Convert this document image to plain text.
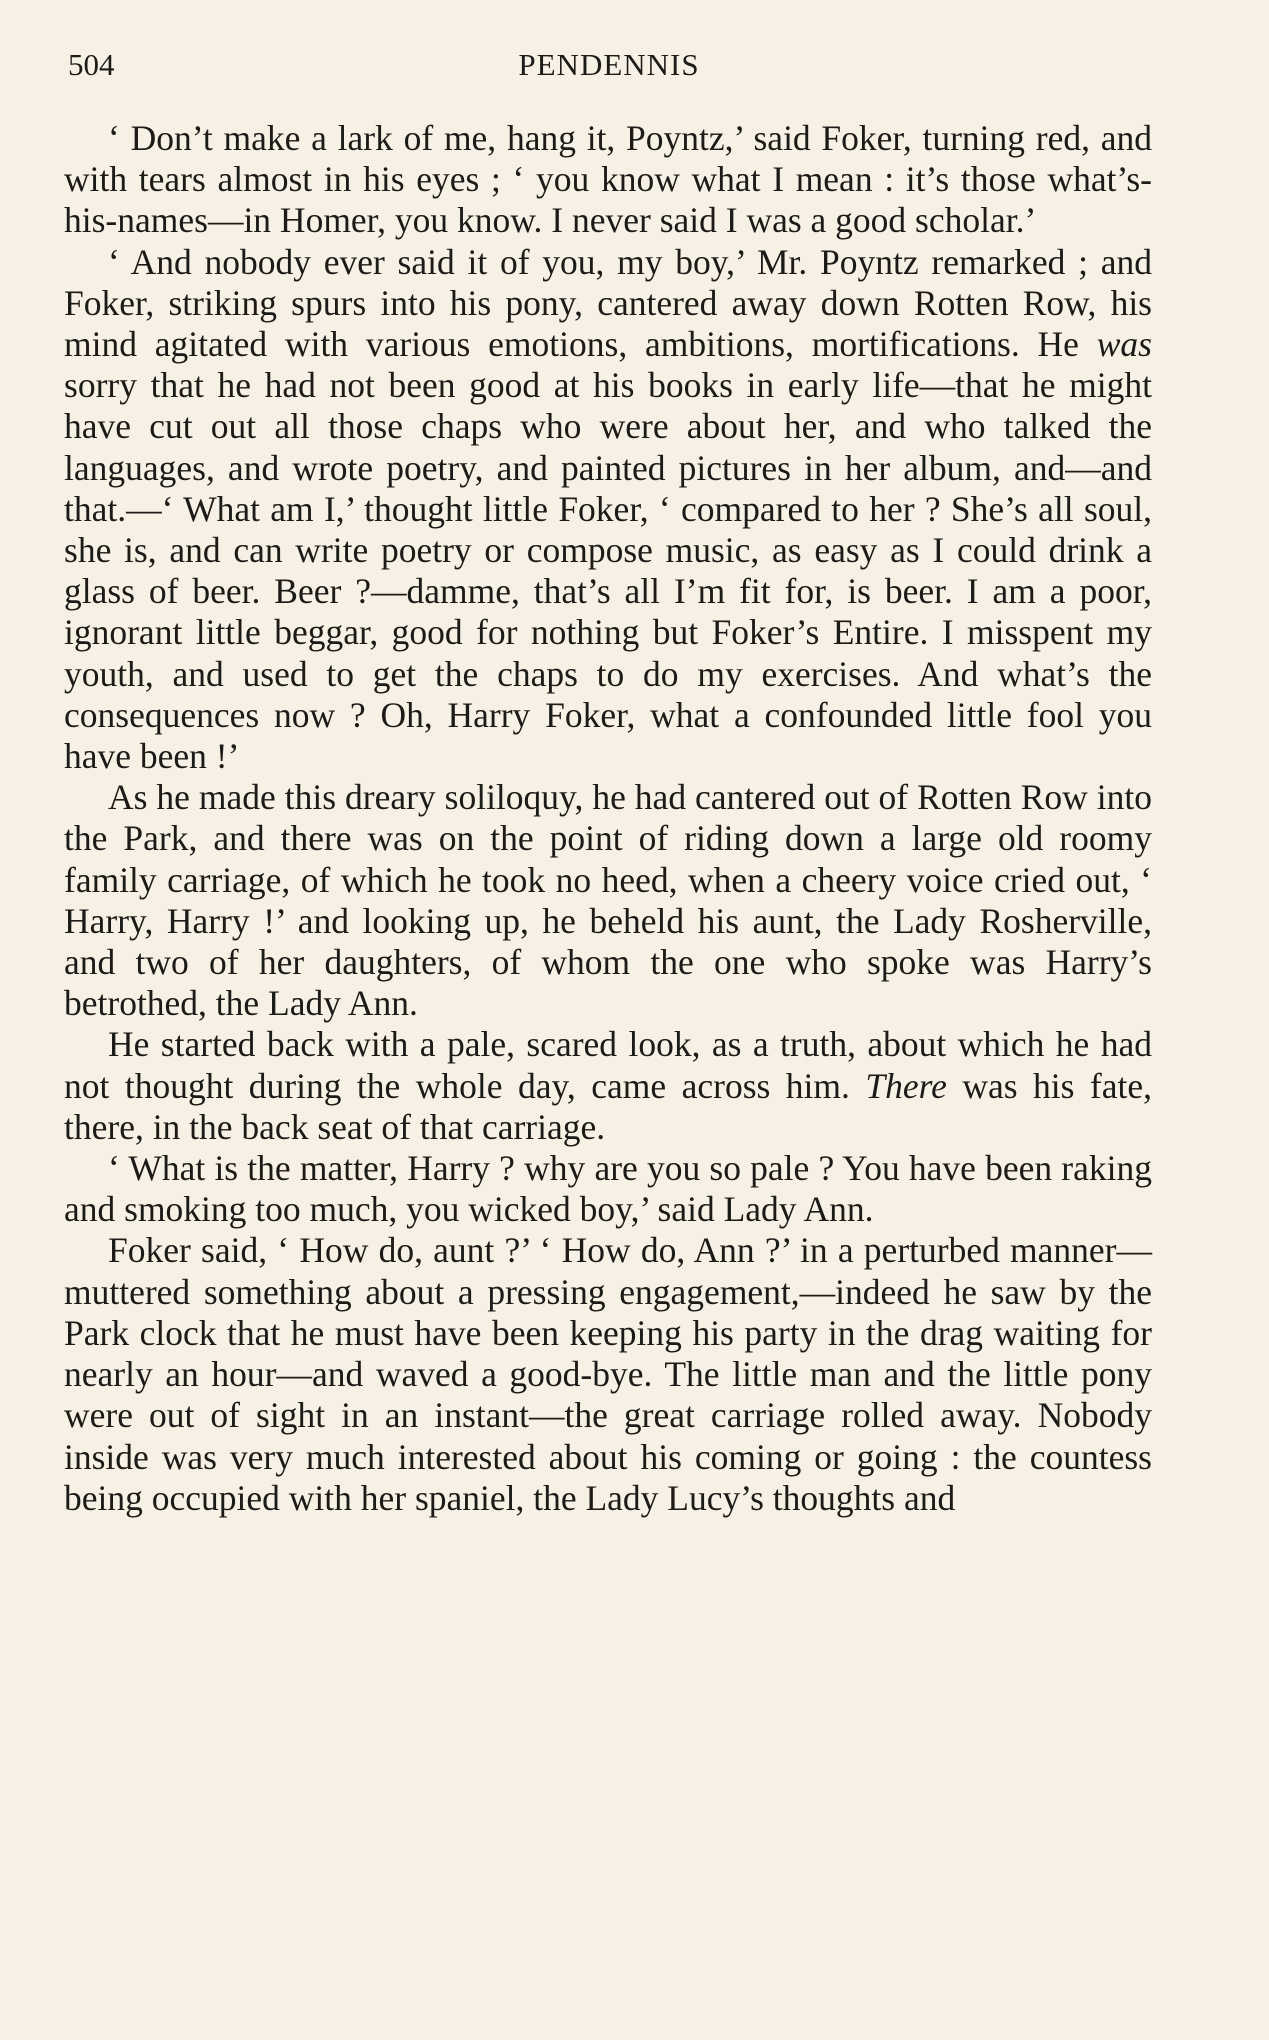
504	PENDENNIS

‘ Don’t make a lark of me, hang it, Poyntz,’ said Foker, turning red, and with tears almost in his eyes ; ‘ you know what I mean : it’s those what’s-his-names—in Homer, you know. I never said I was a good scholar.’

‘ And nobody ever said it of you, my boy,’ Mr. Poyntz remarked ; and Foker, striking spurs into his pony, cantered away down Rotten Row, his mind agitated with various emotions, ambitions, mortifications. He was sorry that he had not been good at his books in early life—that he might have cut out all those chaps who were about her, and who talked the languages, and wrote poetry, and painted pictures in her album, and—and that.—‘ What am I,’ thought little Foker, ‘ compared to her ? She’s all soul, she is, and can write poetry or compose music, as easy as I could drink a glass of beer. Beer ?—damme, that’s all I’m fit for, is beer. I am a poor, ignorant little beggar, good for nothing but Foker’s Entire. I misspent my youth, and used to get the chaps to do my exercises. And what’s the consequences now ? Oh, Harry Foker, what a confounded little fool you have been !’

As he made this dreary soliloquy, he had cantered out of Rotten Row into the Park, and there was on the point of riding down a large old roomy family carriage, of which he took no heed, when a cheery voice cried out, ‘ Harry, Harry !’ and looking up, he beheld his aunt, the Lady Rosherville, and two of her daughters, of whom the one who spoke was Harry’s betrothed, the Lady Ann.

He started back with a pale, scared look, as a truth, about which he had not thought during the whole day, came across him. There was his fate, there, in the back seat of that carriage.

‘ What is the matter, Harry ? why are you so pale ? You have been raking and smoking too much, you wicked boy,’ said Lady Ann.

Foker said, ‘ How do, aunt ?’ ‘ How do, Ann ?’ in a perturbed manner—muttered something about a pressing engagement,—indeed he saw by the Park clock that he must have been keeping his party in the drag waiting for nearly an hour—and waved a good-bye. The little man and the little pony were out of sight in an instant—the great carriage rolled away. Nobody inside was very much interested about his coming or going : the countess being occupied with her spaniel, the Lady Lucy’s thoughts and
